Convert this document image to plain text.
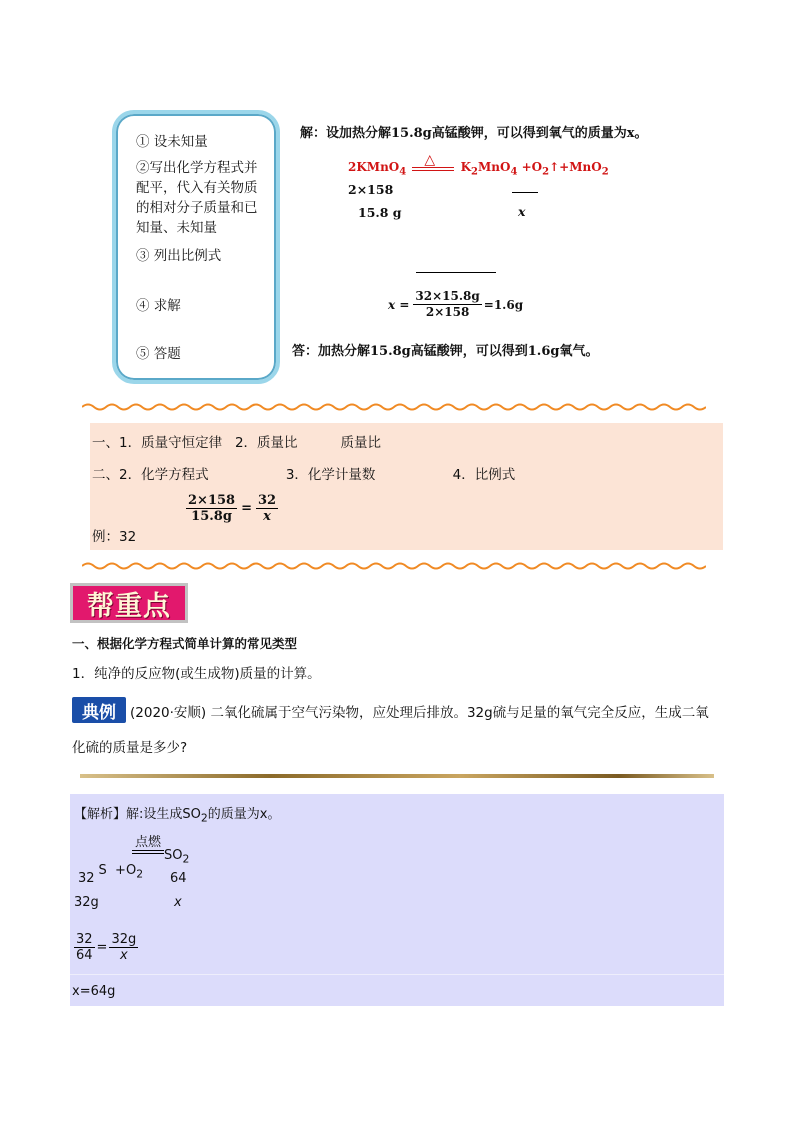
① 设未知量
②写出化学方程式并
配平，代入有关物质
的相对分子质量和已
知量、未知量
③ 列出比例式
④ 求解
⑤ 答题
解：设加热分解15.8g高锰酸钾，可以得到氧气的质量为x。
2KMnO$_4$
△ $K_2MnO_4$ $+O_2↑+MnO_2$
2×158
15.8 g	x
$x = \frac{32\times 15.8g}{2\times 158} =1.6g$
答：加热分解15.8g高锰酸钾，可以得到1.6g氧气。
一、1．质量守恒定律   2．质量比          质量比
二、2．化学方程式                  3．化学计量数                  4．比例式
例：32
$\frac{2\times 158}{15.8g} = \frac{32}{x}$
帮重点
一、根据化学方程式简单计算的常见类型
1．纯净的反应物(或生成物)质量的计算。
典例	(2020·安顺) 二氧化硫属于空气污染物，应处理后排放。32g硫与足量的氧气完全反应，生成二氧
化硫的质量是多少?
【解析】解:设生成$SO_2$的质量为x。

$S +O_2$

点燃
$SO_2$
32	64
32g	x
$\frac{32}{64} = \frac{32g}{x}$
x=64g
